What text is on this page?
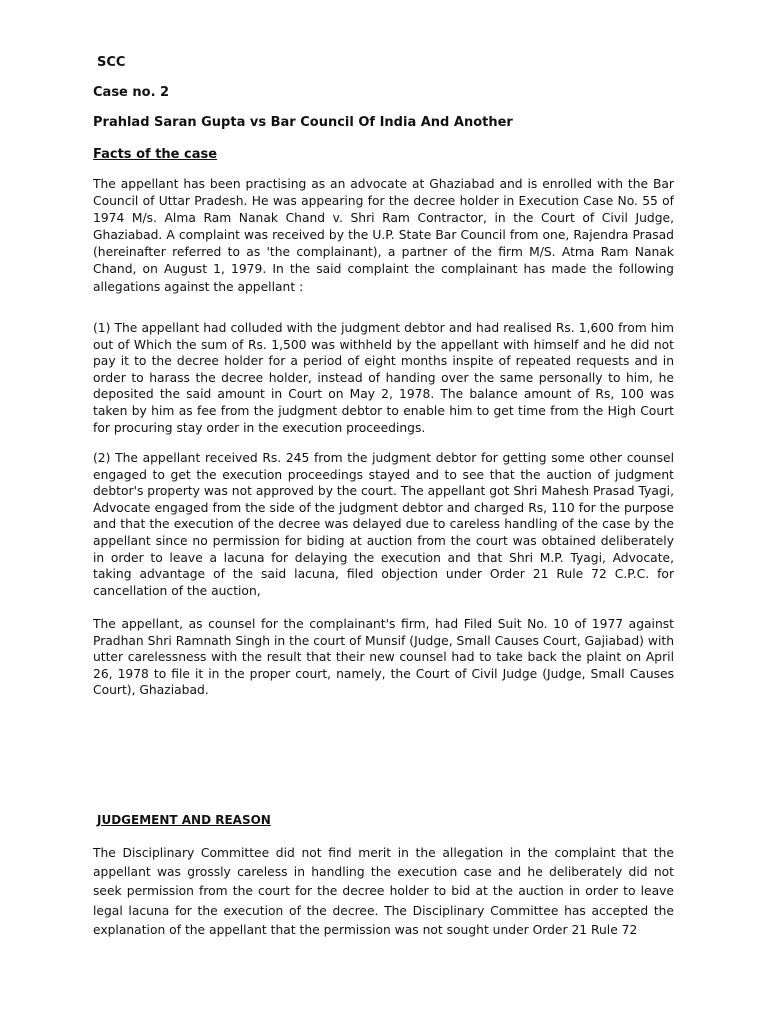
SCC

Case no. 2

Prahlad Saran Gupta vs Bar Council Of India And Another

Facts of the case

The appellant has been practising as an advocate at Ghaziabad and is enrolled with the Bar Council of Uttar Pradesh. He was appearing for the decree holder in Execution Case No. 55 of 1974 M/s. Alma Ram Nanak Chand v. Shri Ram Contractor, in the Court of Civil Judge, Ghaziabad. A complaint was received by the U.P. State Bar Council from one, Rajendra Prasad (hereinafter referred to as 'the complainant), a partner of the firm M/S. Atma Ram Nanak Chand, on August 1, 1979. In the said complaint the complainant has made the following allegations against the appellant :

(1) The appellant had colluded with the judgment debtor and had realised Rs. 1,600 from him out of Which the sum of Rs. 1,500 was withheld by the appellant with himself and he did not pay it to the decree holder for a period of eight months inspite of repeated requests and in order to harass the decree holder, instead of handing over the same personally to him, he deposited the said amount in Court on May 2, 1978. The balance amount of Rs, 100 was taken by him as fee from the judgment debtor to enable him to get time from the High Court for procuring stay order in the execution proceedings.

(2) The appellant received Rs. 245 from the judgment debtor for getting some other counsel engaged to get the execution proceedings stayed and to see that the auction of judgment debtor's property was not approved by the court. The appellant got Shri Mahesh Prasad Tyagi, Advocate engaged from the side of the judgment debtor and charged Rs, 110 for the purpose and that the execution of the decree was delayed due to careless handling of the case by the appellant since no permission for biding at auction from the court was obtained deliberately in order to leave a lacuna for delaying the execution and that Shri M.P. Tyagi, Advocate, taking advantage of the said lacuna, filed objection under Order 21 Rule 72 C.P.C. for cancellation of the auction,

The appellant, as counsel for the complainant's firm, had Filed Suit No. 10 of 1977 against Pradhan Shri Ramnath Singh in the court of Munsif (Judge, Small Causes Court, Gajiabad) with utter carelessness with the result that their new counsel had to take back the plaint on April 26, 1978 to file it in the proper court, namely, the Court of Civil Judge (Judge, Small Causes Court), Ghaziabad.

JUDGEMENT AND REASON

The Disciplinary Committee did not find merit in the allegation in the complaint that the appellant was grossly careless in handling the execution case and he deliberately did not seek permission from the court for the decree holder to bid at the auction in order to leave legal lacuna for the execution of the decree. The Disciplinary Committee has accepted the explanation of the appellant that the permission was not sought under Order 21 Rule 72
